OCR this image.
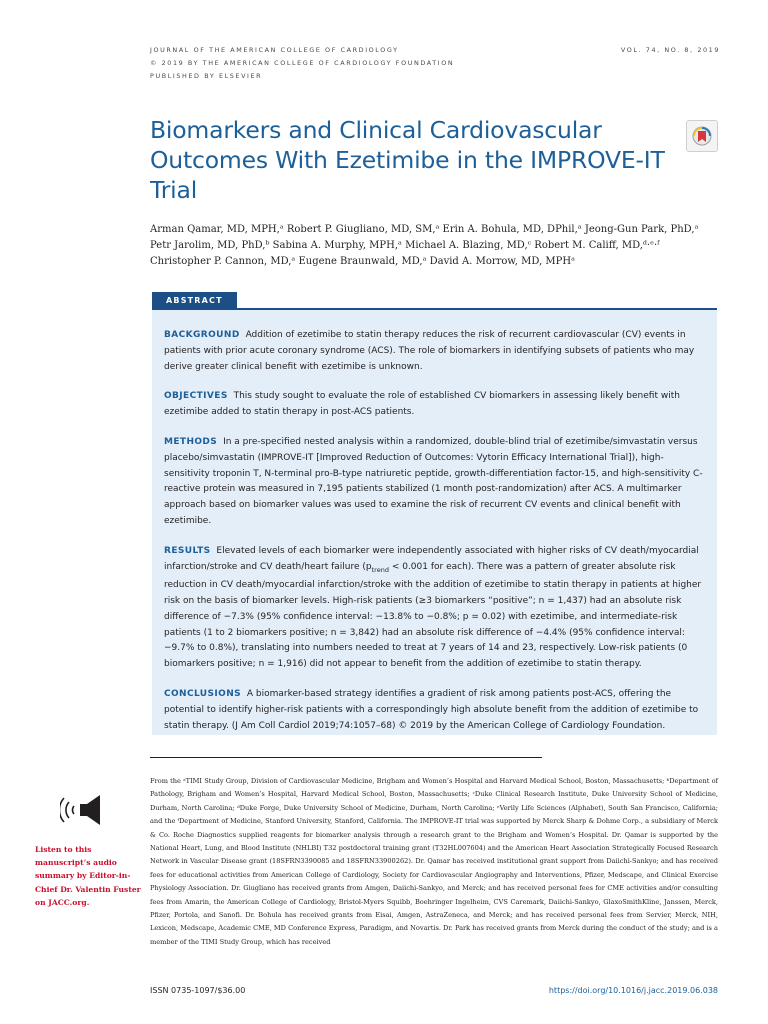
JOURNAL OF THE AMERICAN COLLEGE OF CARDIOLOGY	VOL. 74, NO. 8, 2019
© 2019 BY THE AMERICAN COLLEGE OF CARDIOLOGY FOUNDATION
PUBLISHED BY ELSEVIER
Biomarkers and Clinical Cardiovascular Outcomes With Ezetimibe in the IMPROVE-IT Trial
Arman Qamar, MD, MPH,ᵃ Robert P. Giugliano, MD, SM,ᵃ Erin A. Bohula, MD, DPhil,ᵃ Jeong-Gun Park, PhD,ᵃ Petr Jarolim, MD, PhD,ᵇ Sabina A. Murphy, MPH,ᵃ Michael A. Blazing, MD,ᶜ Robert M. Califf, MD,ᵈ·ᵉ·ᶠ Christopher P. Cannon, MD,ᵃ Eugene Braunwald, MD,ᵃ David A. Morrow, MD, MPHᵃ
ABSTRACT

BACKGROUND Addition of ezetimibe to statin therapy reduces the risk of recurrent cardiovascular (CV) events in patients with prior acute coronary syndrome (ACS). The role of biomarkers in identifying subsets of patients who may derive greater clinical benefit with ezetimibe is unknown.

OBJECTIVES This study sought to evaluate the role of established CV biomarkers in assessing likely benefit with ezetimibe added to statin therapy in post-ACS patients.

METHODS In a pre-specified nested analysis within a randomized, double-blind trial of ezetimibe/simvastatin versus placebo/simvastatin (IMPROVE-IT [Improved Reduction of Outcomes: Vytorin Efficacy International Trial]), high-sensitivity troponin T, N-terminal pro-B-type natriuretic peptide, growth-differentiation factor-15, and high-sensitivity C-reactive protein was measured in 7,195 patients stabilized (1 month post-randomization) after ACS. A multimarker approach based on biomarker values was used to examine the risk of recurrent CV events and clinical benefit with ezetimibe.

RESULTS Elevated levels of each biomarker were independently associated with higher risks of CV death/myocardial infarction/stroke and CV death/heart failure ($p_{trend} < 0.001$ for each). There was a pattern of greater absolute risk reduction in CV death/myocardial infarction/stroke with the addition of ezetimibe to statin therapy in patients at higher risk on the basis of biomarker levels. High-risk patients (≥3 biomarkers “positive”; n = 1,437) had an absolute risk difference of −7.3% (95% confidence interval: −13.8% to −0.8%; p = 0.02) with ezetimibe, and intermediate-risk patients (1 to 2 biomarkers positive; n = 3,842) had an absolute risk difference of −4.4% (95% confidence interval: −9.7% to 0.8%), translating into numbers needed to treat at 7 years of 14 and 23, respectively. Low-risk patients (0 biomarkers positive; n = 1,916) did not appear to benefit from the addition of ezetimibe to statin therapy.

CONCLUSIONS A biomarker-based strategy identifies a gradient of risk among patients post-ACS, offering the potential to identify higher-risk patients with a correspondingly high absolute benefit from the addition of ezetimibe to statin therapy. (J Am Coll Cardiol 2019;74:1057–68) © 2019 by the American College of Cardiology Foundation.

Listen to this manuscript’s audio summary by Editor-in-Chief Dr. Valentin Fuster on JACC.org.
From the ᵃTIMI Study Group, Division of Cardiovascular Medicine, Brigham and Women’s Hospital and Harvard Medical School, Boston, Massachusetts; ᵇDepartment of Pathology, Brigham and Women’s Hospital, Harvard Medical School, Boston, Massachusetts; ᶜDuke Clinical Research Institute, Duke University School of Medicine, Durham, North Carolina; ᵈDuke Forge, Duke University School of Medicine, Durham, North Carolina; ᵉVerily Life Sciences (Alphabet), South San Francisco, California; and the ᶠDepartment of Medicine, Stanford University, Stanford, California. The IMPROVE-IT trial was supported by Merck Sharp & Dohme Corp., a subsidiary of Merck & Co. Roche Diagnostics supplied reagents for biomarker analysis through a research grant to the Brigham and Women’s Hospital. Dr. Qamar is supported by the National Heart, Lung, and Blood Institute (NHLBI) T32 postdoctoral training grant (T32HL007604) and the American Heart Association Strategically Focused Research Network in Vascular Disease grant (18SFRN3390085 and 18SFRN33900262). Dr. Qamar has received institutional grant support from Daiichi-Sankyo; and has received fees for educational activities from American College of Cardiology, Society for Cardiovascular Angiography and Interventions, Pfizer, Medscape, and Clinical Exercise Physiology Association. Dr. Giugliano has received grants from Amgen, Daiichi-Sankyo, and Merck; and has received personal fees for CME activities and/or consulting fees from Amarin, the American College of Cardiology, Bristol-Myers Squibb, Boehringer Ingelheim, CVS Caremark, Daiichi-Sankyo, GlaxoSmithKline, Janssen, Merck, Pfizer, Portola, and Sanofi. Dr. Bohula has received grants from Eisai, Amgen, AstraZeneca, and Merck; and has received personal fees from Servier, Merck, NIH, Lexicon, Medscape, Academic CME, MD Conference Express, Paradigm, and Novartis. Dr. Park has received grants from Merck during the conduct of the study; and is a member of the TIMI Study Group, which has received
ISSN 0735-1097/$36.00	https://doi.org/10.1016/j.jacc.2019.06.038
